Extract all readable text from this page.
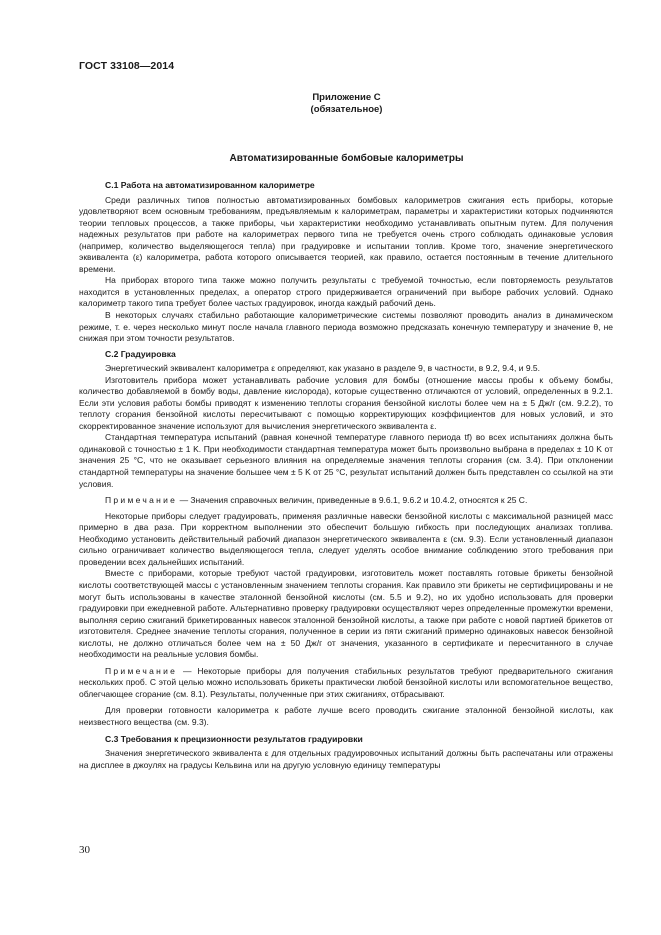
ГОСТ 33108—2014
Приложение С
(обязательное)
Автоматизированные бомбовые калориметры
С.1 Работа на автоматизированном калориметре

Среди различных типов полностью автоматизированных бомбовых калориметров сжигания есть приборы, которые удовлетворяют всем основным требованиям, предъявляемым к калориметрам, параметры и характеристики которых подчиняются теории тепловых процессов, а также приборы, чьи характеристики необходимо устанавливать опытным путем. Для получения надежных результатов при работе на калориметрах первого типа не требуется очень строго соблюдать одинаковые условия (например, количество выделяющегося тепла) при градуировке и испытании топлив. Кроме того, значение энергетического эквивалента (ε) калориметра, работа которого описывается теорией, как правило, остается постоянным в течение длительного времени.

На приборах второго типа также можно получить результаты с требуемой точностью, если повторяемость результатов находится в установленных пределах, а оператор строго придерживается ограничений при выборе рабочих условий. Однако калориметр такого типа требует более частых градуировок, иногда каждый рабочий день.

В некоторых случаях стабильно работающие калориметрические системы позволяют проводить анализ в динамическом режиме, т. е. через несколько минут после начала главного периода возможно предсказать конечную температуру и значение θ, не снижая при этом точности результатов.

С.2 Градуировка

Энергетический эквивалент калориметра ε определяют, как указано в разделе 9, в частности, в 9.2, 9.4, и 9.5.

Изготовитель прибора может устанавливать рабочие условия для бомбы (отношение массы пробы к объему бомбы, количество добавляемой в бомбу воды, давление кислорода), которые существенно отличаются от условий, определенных в 9.2.1. Если эти условия работы бомбы приводят к изменению теплоты сгорания бензойной кислоты более чем на ± 5 Дж/г (см. 9.2.2), то теплоту сгорания бензойной кислоты пересчитывают с помощью корректирующих коэффициентов для новых условий, и это скорректированное значение используют для вычисления энергетического эквивалента ε.

Стандартная температура испытаний (равная конечной температуре главного периода tf) во всех испытаниях должна быть одинаковой с точностью ± 1 K. При необходимости стандартная температура может быть произвольно выбрана в пределах ± 10 K от значения 25 °С, что не оказывает серьезного влияния на определяемые значения теплоты сгорания (см. 3.4). При отклонении стандартной температуры на значение большее чем ± 5 K от 25 °С, результат испытаний должен быть представлен со ссылкой на эти условия.

Примечание — Значения справочных величин, приведенные в 9.6.1, 9.6.2 и 10.4.2, относятся к 25 С.

Некоторые приборы следует градуировать, применяя различные навески бензойной кислоты с максимальной разницей масс примерно в два раза. При корректном выполнении это обеспечит большую гибкость при последующих анализах топлива. Необходимо установить действительный рабочий диапазон энергетического эквивалента ε (см. 9.3). Если установленный диапазон сильно ограничивает количество выделяющегося тепла, следует уделять особое внимание соблюдению этого требования при проведении всех дальнейших испытаний.

Вместе с приборами, которые требуют частой градуировки, изготовитель может поставлять готовые брикеты бензойной кислоты соответствующей массы с установленным значением теплоты сгорания. Как правило эти брикеты не сертифицированы и не могут быть использованы в качестве эталонной бензойной кислоты (см. 5.5 и 9.2), но их удобно использовать для проверки градуировки при ежедневной работе. Альтернативно проверку градуировки осуществляют через определенные промежутки времени, выполняя серию сжиганий брикетированных навесок эталонной бензойной кислоты, а также при работе с новой партией брикетов от изготовителя. Среднее значение теплоты сгорания, полученное в серии из пяти сжиганий примерно одинаковых навесок бензойной кислоты, не должно отличаться более чем на ± 50 Дж/г от значения, указанного в сертификате и пересчитанного в случае необходимости на реальные условия бомбы.

Примечание — Некоторые приборы для получения стабильных результатов требуют предварительного сжигания нескольких проб. С этой целью можно использовать брикеты практически любой бензойной кислоты или вспомогательное вещество, облегчающее сгорание (см. 8.1). Результаты, полученные при этих сжиганиях, отбрасывают.

Для проверки готовности калориметра к работе лучше всего проводить сжигание эталонной бензойной кислоты, как неизвестного вещества (см. 9.3).

С.3 Требования к прецизионности результатов градуировки

Значения энергетического эквивалента ε для отдельных градуировочных испытаний должны быть распечатаны или отражены на дисплее в джоулях на градусы Кельвина или на другую условную единицу температуры

30
